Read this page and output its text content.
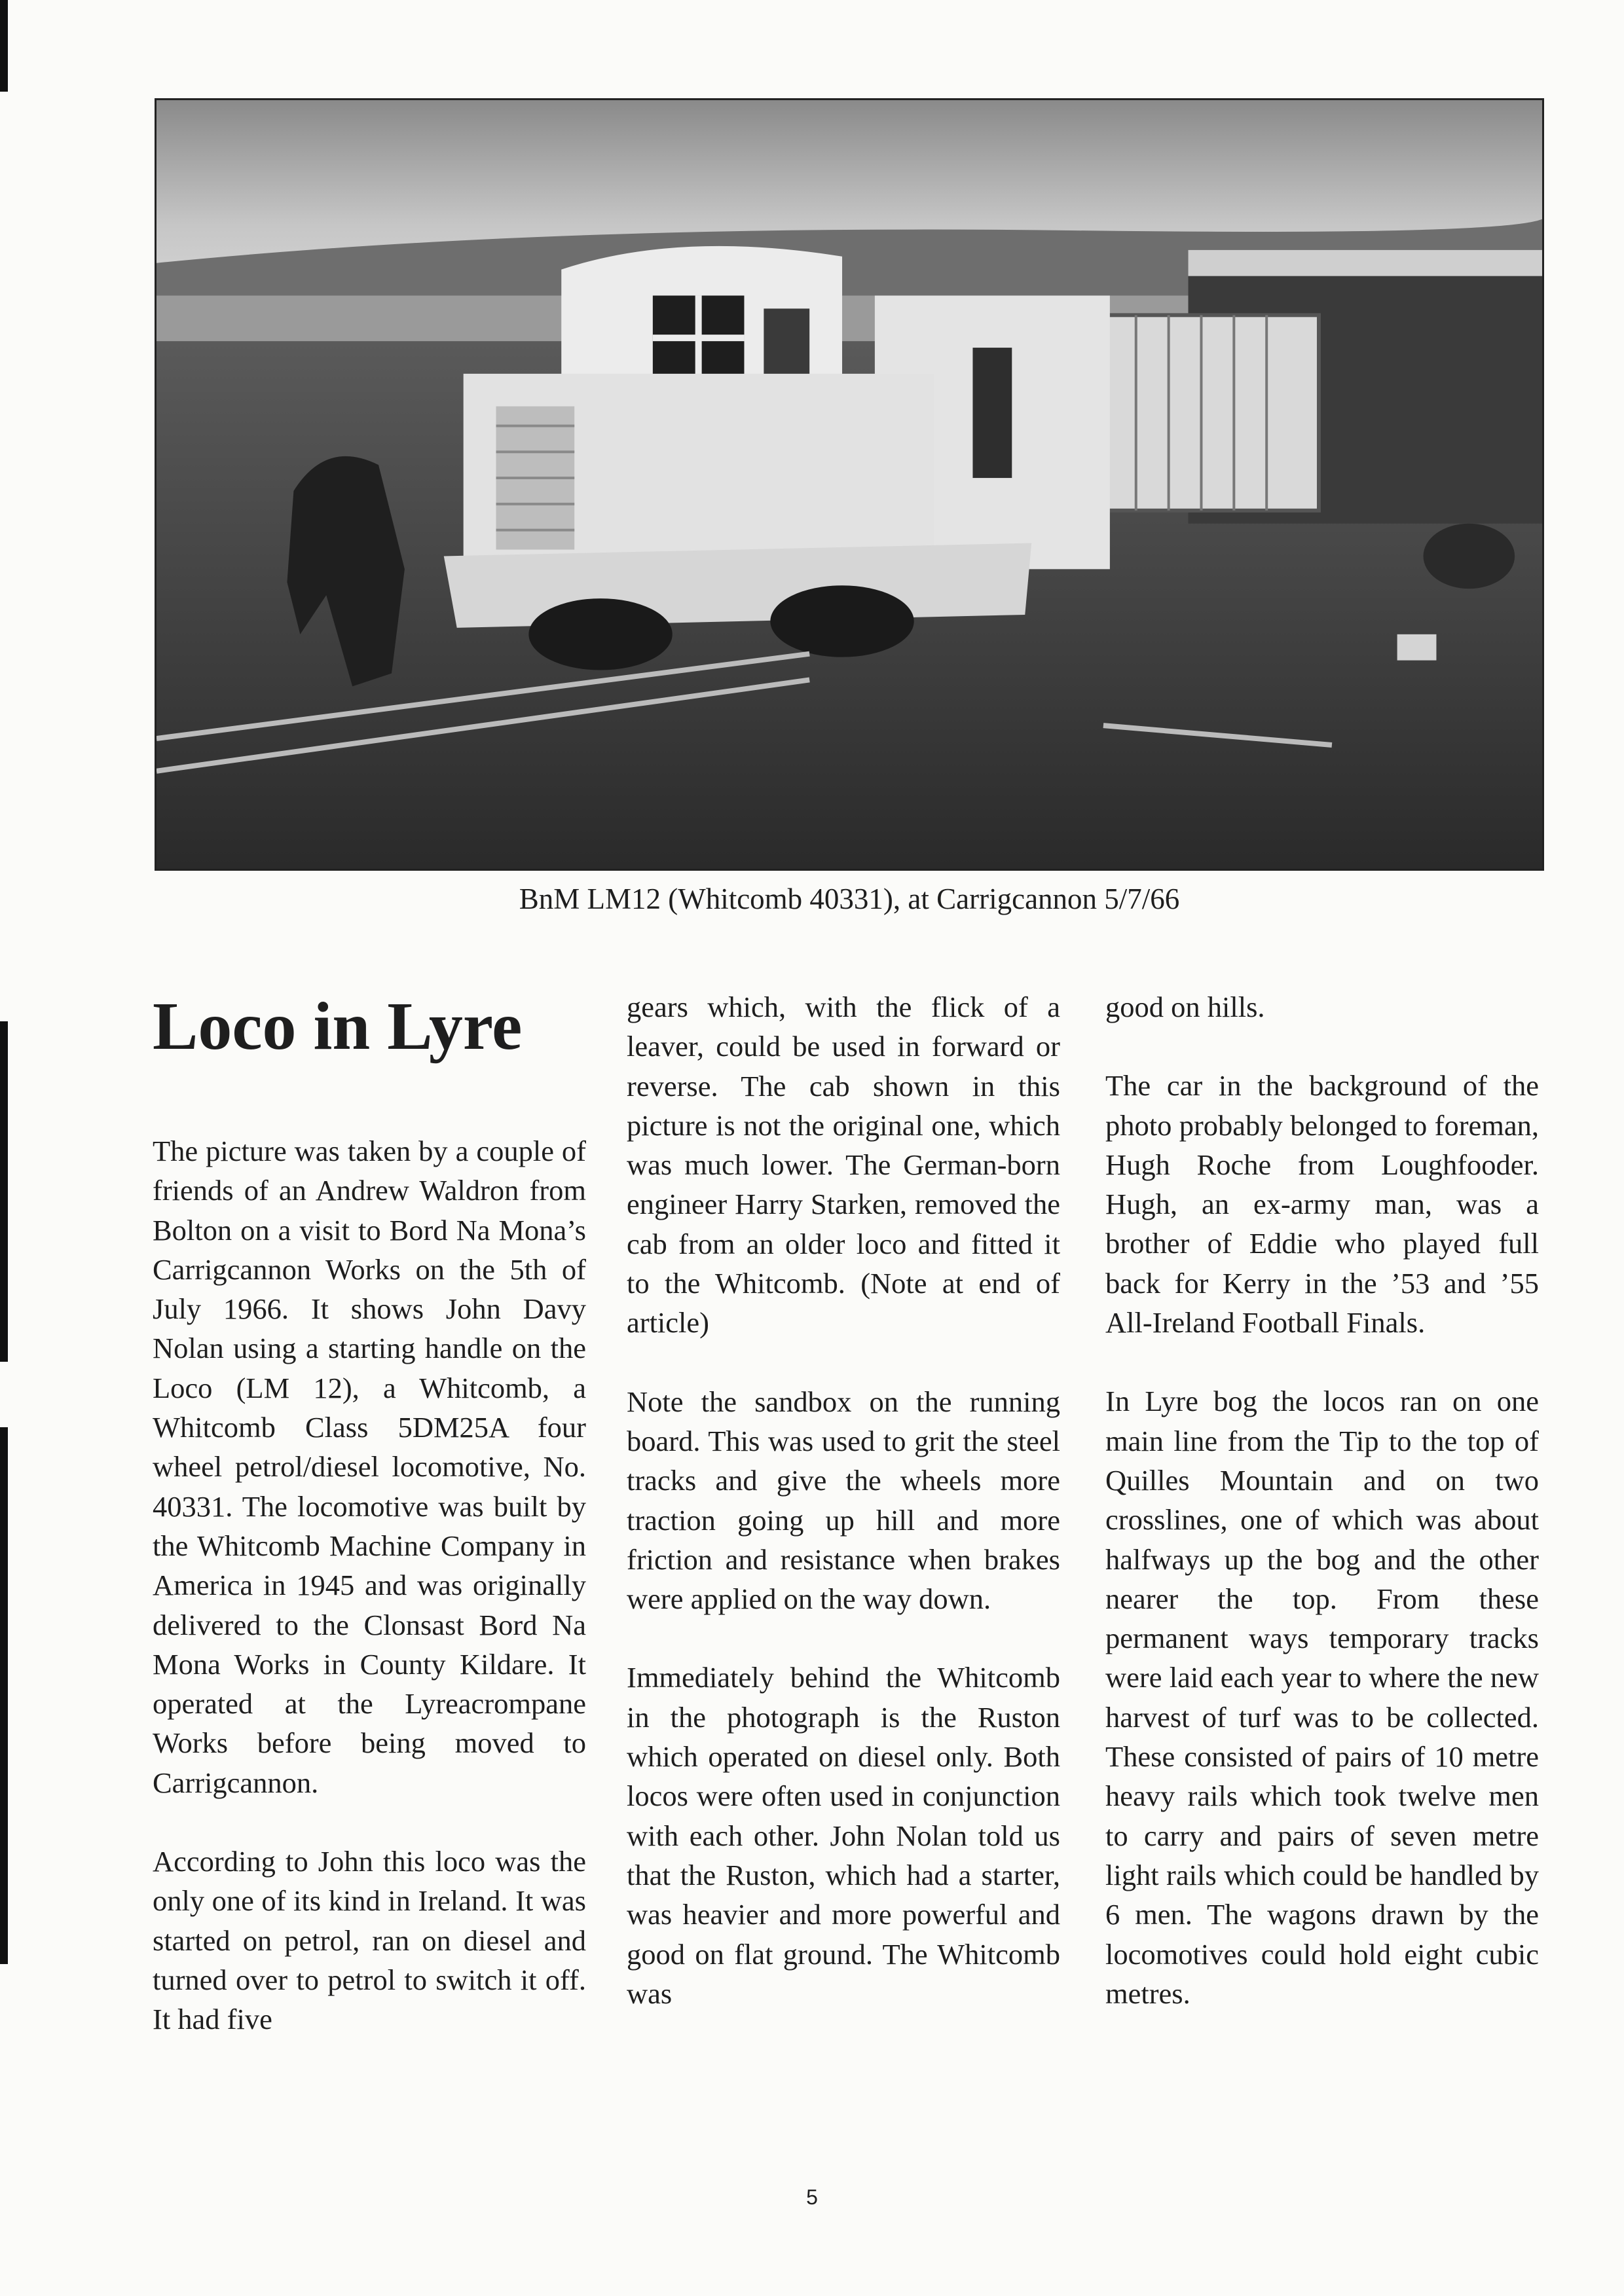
BnM LM12 (Whitcomb 40331), at Carrigcannon 5/7/66
Loco in Lyre

The picture was taken by a couple of friends of an Andrew Waldron from Bolton on a visit to Bord Na Mona’s Carrigcannon Works on the 5th of July 1966. It shows John Davy Nolan using a starting handle on the Loco (LM 12), a Whitcomb, a Whitcomb Class 5DM25A four wheel petrol/diesel locomotive, No. 40331. The locomotive was built by the Whitcomb Machine Company in America in 1945 and was originally delivered to the Clonsast Bord Na Mona Works in County Kildare. It operated at the Lyreacrompane Works before being moved to Carrigcannon.

According to John this loco was the only one of its kind in Ireland. It was started on petrol, ran on diesel and turned over to petrol to switch it off. It had five

gears which, with the flick of a leaver, could be used in forward or reverse. The cab shown in this picture is not the original one, which was much lower. The German-born engineer Harry Starken, removed the cab from an older loco and fitted it to the Whitcomb. (Note at end of article)

Note the sandbox on the running board. This was used to grit the steel tracks and give the wheels more traction going up hill and more friction and resistance when brakes were applied on the way down.

Immediately behind the Whitcomb in the photograph is the Ruston which operated on diesel only. Both locos were often used in conjunction with each other. John Nolan told us that the Ruston, which had a starter, was heavier and more powerful and good on flat ground. The Whitcomb was

good on hills.

The car in the background of the photo probably belonged to foreman, Hugh Roche from Loughfooder. Hugh, an ex-army man, was a brother of Eddie who played full back for Kerry in the ’53 and ’55 All-Ireland Football Finals.

In Lyre bog the locos ran on one main line from the Tip to the top of Quilles Mountain and on two crosslines, one of which was about halfways up the bog and the other nearer the top. From these permanent ways temporary tracks were laid each year to where the new harvest of turf was to be collected. These consisted of pairs of 10 metre heavy rails which took twelve men to carry and pairs of seven metre light rails which could be handled by 6 men. The wagons drawn by the locomotives could hold eight cubic metres.

5
